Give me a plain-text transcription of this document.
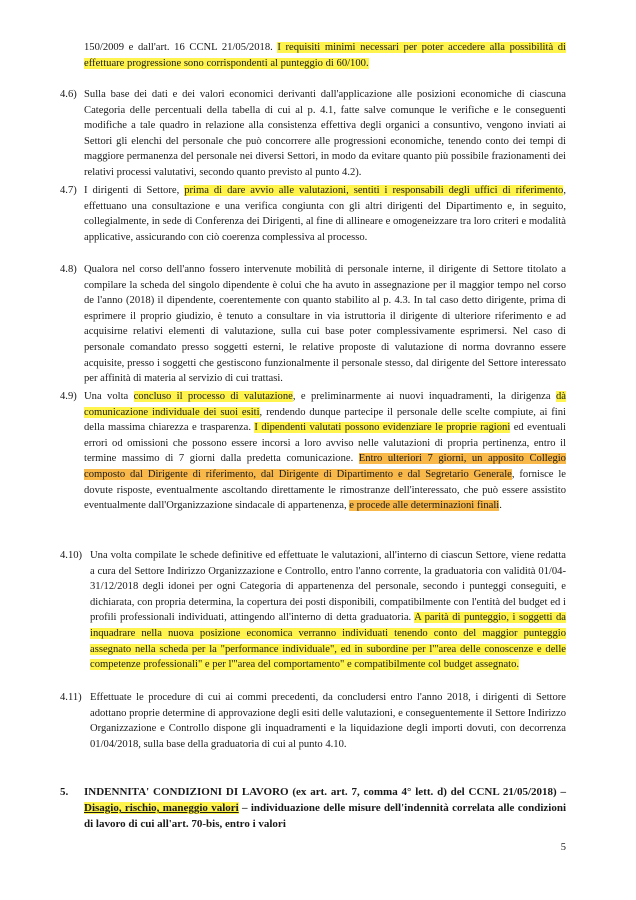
150/2009 e dall'art. 16 CCNL 21/05/2018. I requisiti minimi necessari per poter accedere alla possibilità di effettuare progressione sono corrispondenti al punteggio di 60/100.
4.6) Sulla base dei dati e dei valori economici derivanti dall'applicazione alle posizioni economiche di ciascuna Categoria delle percentuali della tabella di cui al p. 4.1, fatte salve comunque le verifiche e le conseguenti modifiche a tale quadro in relazione alla consistenza effettiva degli organici a consuntivo, vengono inviati ai Settori gli elenchi del personale che può concorrere alle progressioni economiche, tenendo conto dei tempi di maggiore permanenza del personale nei diversi Settori, in modo da evitare quanto più possibile frazionamenti dei relativi processi valutativi, secondo quanto previsto al punto 4.2).
4.7) I dirigenti di Settore, prima di dare avvio alle valutazioni, sentiti i responsabili degli uffici di riferimento, effettuano una consultazione e una verifica congiunta con gli altri dirigenti del Dipartimento e, in seguito, collegialmente, in sede di Conferenza dei Dirigenti, al fine di allineare e omogeneizzare tra loro criteri e modalità applicative, assicurando con ciò coerenza complessiva al processo.
4.8) Qualora nel corso dell'anno fossero intervenute mobilità di personale interne, il dirigente di Settore titolato a compilare la scheda del singolo dipendente è colui che ha avuto in assegnazione per il maggior tempo nel corso de l'anno (2018) il dipendente, coerentemente con quanto stabilito al p. 4.3. In tal caso detto dirigente, prima di esprimere il proprio giudizio, è tenuto a consultare in via istruttoria il dirigente di ulteriore riferimento e ad acquisirne relativi elementi di valutazione, sulla cui base poter complessivamente esprimersi. Nel caso di personale comandato presso soggetti esterni, le relative proposte di valutazione di norma dovranno essere acquisite, presso i soggetti che gestiscono funzionalmente il personale stesso, dal dirigente del Settore interessato per affinità di materia al servizio di cui trattasi.
4.9) Una volta concluso il processo di valutazione, e preliminarmente ai nuovi inquadramenti, la dirigenza dà comunicazione individuale dei suoi esiti, rendendo dunque partecipe il personale delle scelte compiute, ai fini della massima chiarezza e trasparenza. I dipendenti valutati possono evidenziare le proprie ragioni ed eventuali errori od omissioni che possono essere incorsi a loro avviso nelle valutazioni di propria pertinenza, entro il termine massimo di 7 giorni dalla predetta comunicazione. Entro ulteriori 7 giorni, un apposito Collegio composto dal Dirigente di riferimento, dal Dirigente di Dipartimento e dal Segretario Generale, fornisce le dovute risposte, eventualmente ascoltando direttamente le rimostranze dell'interessato, che può essere assistito eventualmente dall'Organizzazione sindacale di appartenenza, e procede alle determinazioni finali.
4.10) Una volta compilate le schede definitive ed effettuate le valutazioni, all'interno di ciascun Settore, viene redatta a cura del Settore Indirizzo Organizzazione e Controllo, entro l'anno corrente, la graduatoria con validità 01/04-31/12/2018 degli idonei per ogni Categoria di appartenenza del personale, secondo i punteggi conseguiti, e dichiarata, con propria determina, la copertura dei posti disponibili, compatibilmente con l'entità del budget ed i profili professionali individuati, attingendo all'interno di detta graduatoria. A parità di punteggio, i soggetti da inquadrare nella nuova posizione economica verranno individuati tenendo conto del maggior punteggio assegnato nella scheda per la "performance individuale", ed in subordine per l'"area delle conoscenze e delle competenze professionali" e per l'"area del comportamento" e compatibilmente col budget assegnato.
4.11) Effettuate le procedure di cui ai commi precedenti, da concludersi entro l'anno 2018, i dirigenti di Settore adottano proprie determine di approvazione degli esiti delle valutazioni, e conseguentemente il Settore Indirizzo Organizzazione e Controllo dispone gli inquadramenti e la liquidazione degli importi dovuti, con decorrenza 01/04/2018, sulla base della graduatoria di cui al punto 4.10.
5. INDENNITA' CONDIZIONI DI LAVORO (ex art. art. 7, comma 4° lett. d) del CCNL 21/05/2018) – Disagio, rischio, maneggio valori – individuazione delle misure dell'indennità correlata alle condizioni di lavoro di cui all'art. 70-bis, entro i valori
5
